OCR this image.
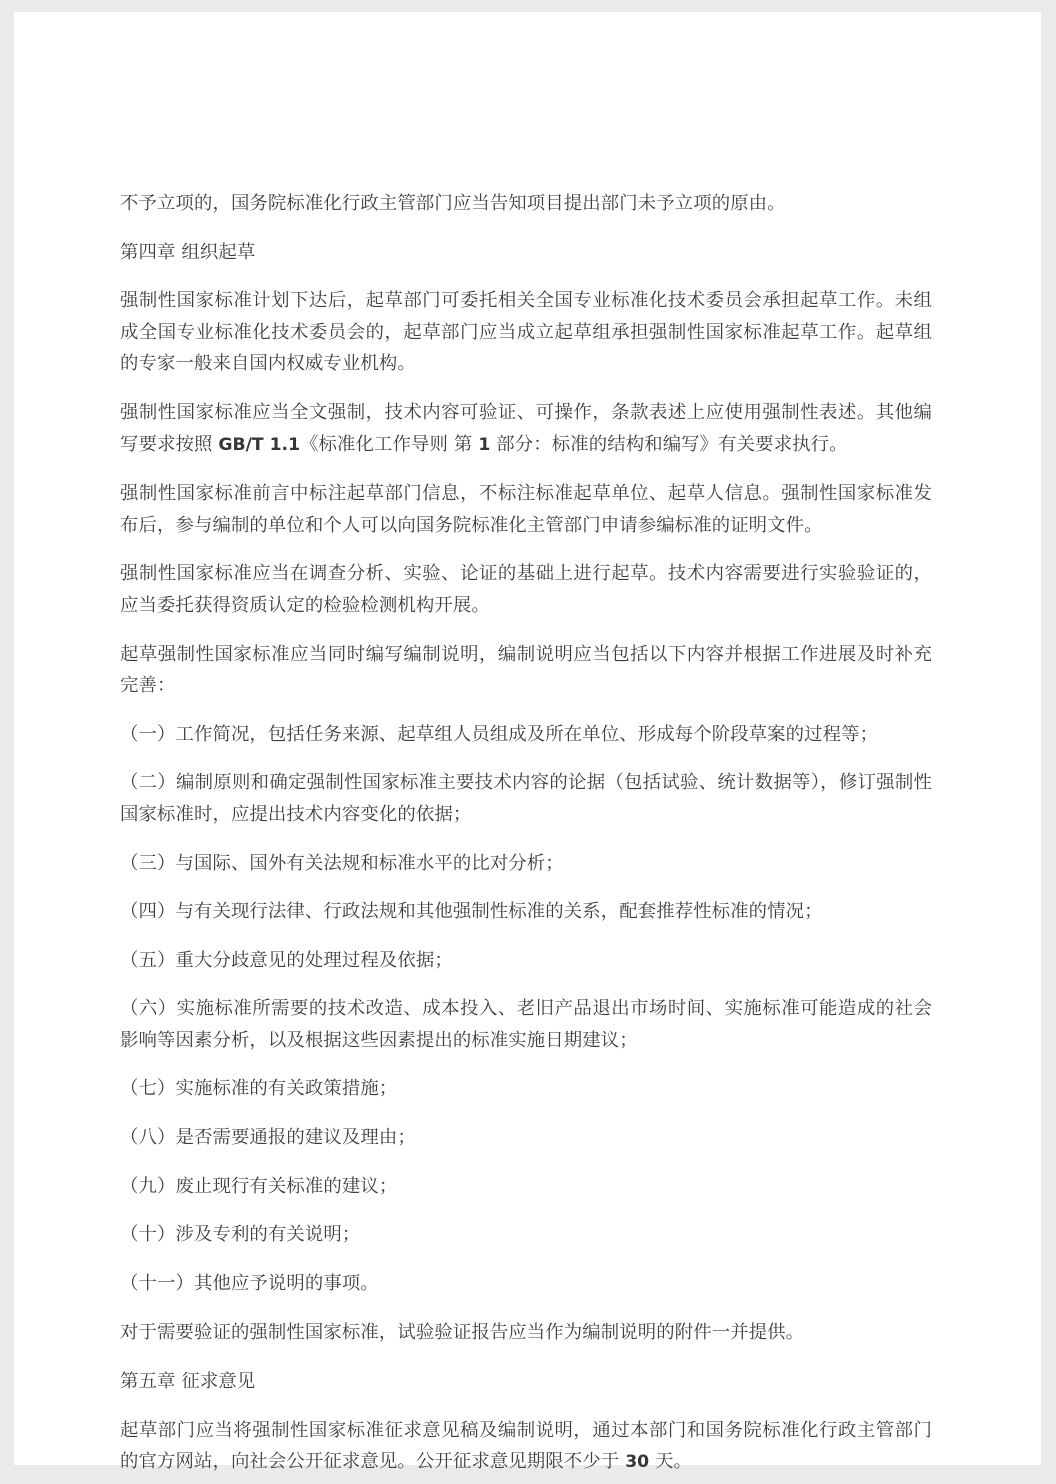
不予立项的，国务院标准化行政主管部门应当告知项目提出部门未予立项的原由。

第四章 组织起草

强制性国家标准计划下达后，起草部门可委托相关全国专业标准化技术委员会承担起草工作。未组成全国专业标准化技术委员会的，起草部门应当成立起草组承担强制性国家标准起草工作。起草组的专家一般来自国内权威专业机构。

强制性国家标准应当全文强制，技术内容可验证、可操作，条款表述上应使用强制性表述。其他编写要求按照 GB/T 1.1《标准化工作导则 第 1 部分：标准的结构和编写》有关要求执行。

强制性国家标准前言中标注起草部门信息，不标注标准起草单位、起草人信息。强制性国家标准发布后，参与编制的单位和个人可以向国务院标准化主管部门申请参编标准的证明文件。

强制性国家标准应当在调查分析、实验、论证的基础上进行起草。技术内容需要进行实验验证的，应当委托获得资质认定的检验检测机构开展。

起草强制性国家标准应当同时编写编制说明，编制说明应当包括以下内容并根据工作进展及时补充完善：

（一）工作简况，包括任务来源、起草组人员组成及所在单位、形成每个阶段草案的过程等；

（二）编制原则和确定强制性国家标准主要技术内容的论据（包括试验、统计数据等），修订强制性国家标准时，应提出技术内容变化的依据；

（三）与国际、国外有关法规和标准水平的比对分析；

（四）与有关现行法律、行政法规和其他强制性标准的关系，配套推荐性标准的情况；

（五）重大分歧意见的处理过程及依据；

（六）实施标准所需要的技术改造、成本投入、老旧产品退出市场时间、实施标准可能造成的社会影响等因素分析，以及根据这些因素提出的标准实施日期建议；

（七）实施标准的有关政策措施；

（八）是否需要通报的建议及理由；

（九）废止现行有关标准的建议；

（十）涉及专利的有关说明；

（十一）其他应予说明的事项。

对于需要验证的强制性国家标准，试验验证报告应当作为编制说明的附件一并提供。

第五章 征求意见

起草部门应当将强制性国家标准征求意见稿及编制说明，通过本部门和国务院标准化行政主管部门的官方网站，向社会公开征求意见。公开征求意见期限不少于 30 天。
